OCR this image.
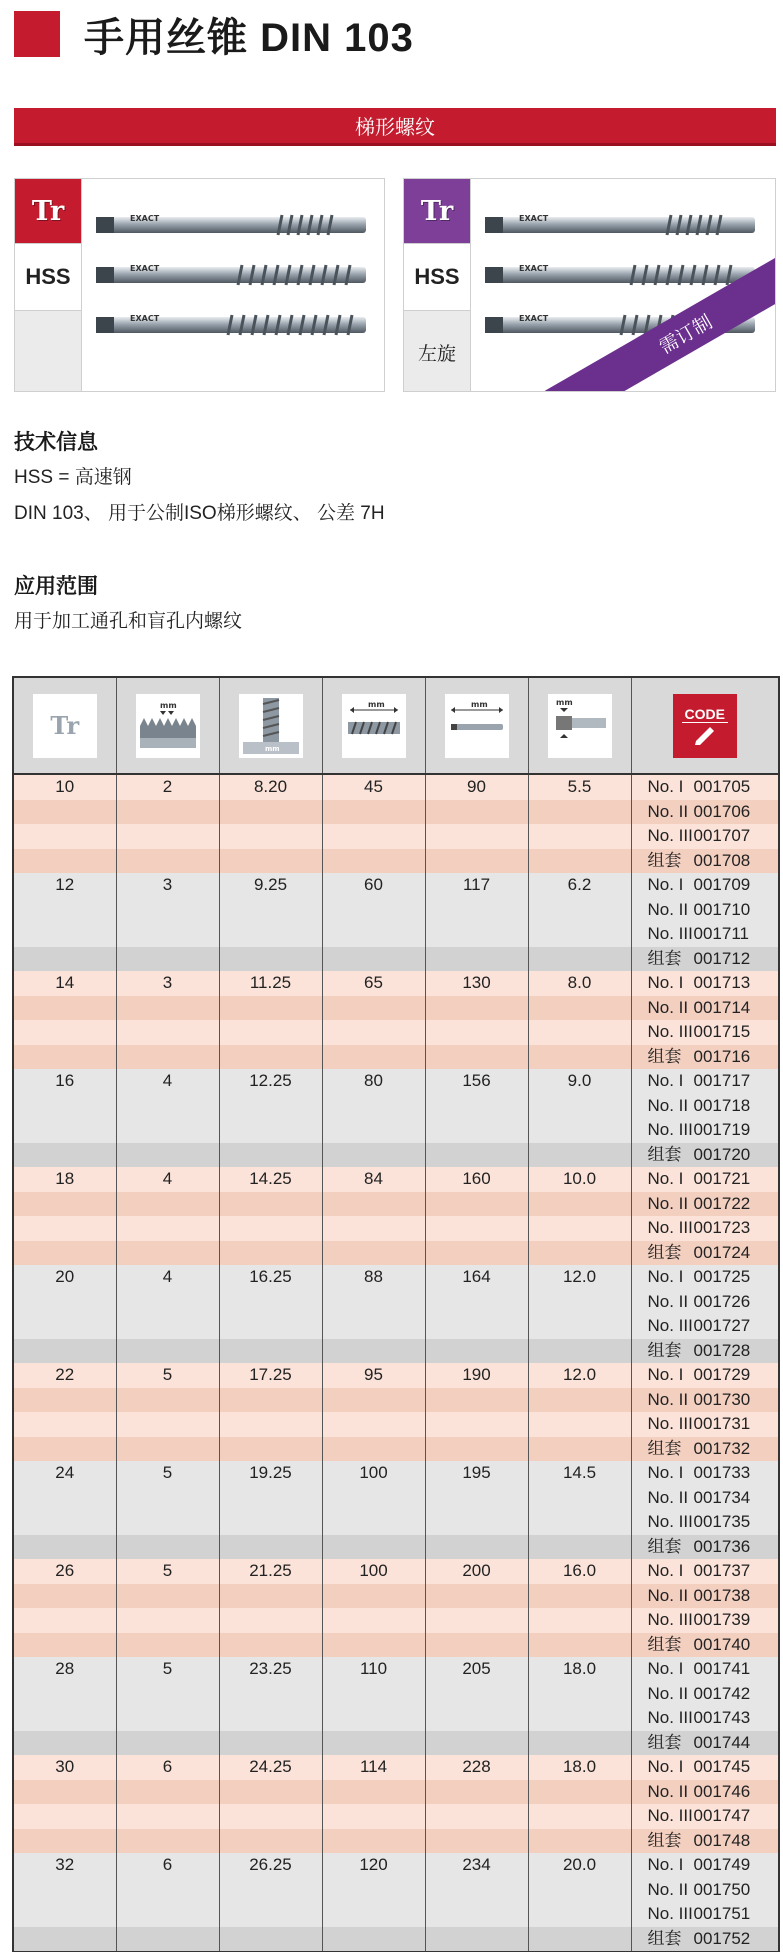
手用丝锥 DIN 103
梯形螺纹
Tr
HSS
EXACT
EXACT
EXACT
Tr
HSS
左旋
EXACT
EXACT
EXACT	需订制
技术信息
HSS = 高速钢
DIN 103、 用于公制ISO梯形螺纹、 公差 7H
应用范围
用于加工通孔和盲孔内螺纹
Tr	mm	mm	mm	mm	mm	CODE

10	2	8.20	45	90	5.5	No. I 001705
						No. II 001706
						No. III001707
						组套 001708
12	3	9.25	60	117	6.2	No. I 001709
						No. II 001710
						No. III001711
						组套 001712
14	3	11.25	65	130	8.0	No. I 001713
						No. II 001714
						No. III001715
						组套 001716
16	4	12.25	80	156	9.0	No. I 001717
						No. II 001718
						No. III001719
						组套 001720
18	4	14.25	84	160	10.0	No. I 001721
						No. II 001722
						No. III001723
						组套 001724
20	4	16.25	88	164	12.0	No. I 001725
						No. II 001726
						No. III001727
						组套 001728
22	5	17.25	95	190	12.0	No. I 001729
						No. II 001730
						No. III001731
						组套 001732
24	5	19.25	100	195	14.5	No. I 001733
						No. II 001734
						No. III001735
						组套 001736
26	5	21.25	100	200	16.0	No. I 001737
						No. II 001738
						No. III001739
						组套 001740
28	5	23.25	110	205	18.0	No. I 001741
						No. II 001742
						No. III001743
						组套 001744
30	6	24.25	114	228	18.0	No. I 001745
						No. II 001746
						No. III001747
						组套 001748
32	6	26.25	120	234	20.0	No. I 001749
						No. II 001750
						No. III001751
						组套 001752
